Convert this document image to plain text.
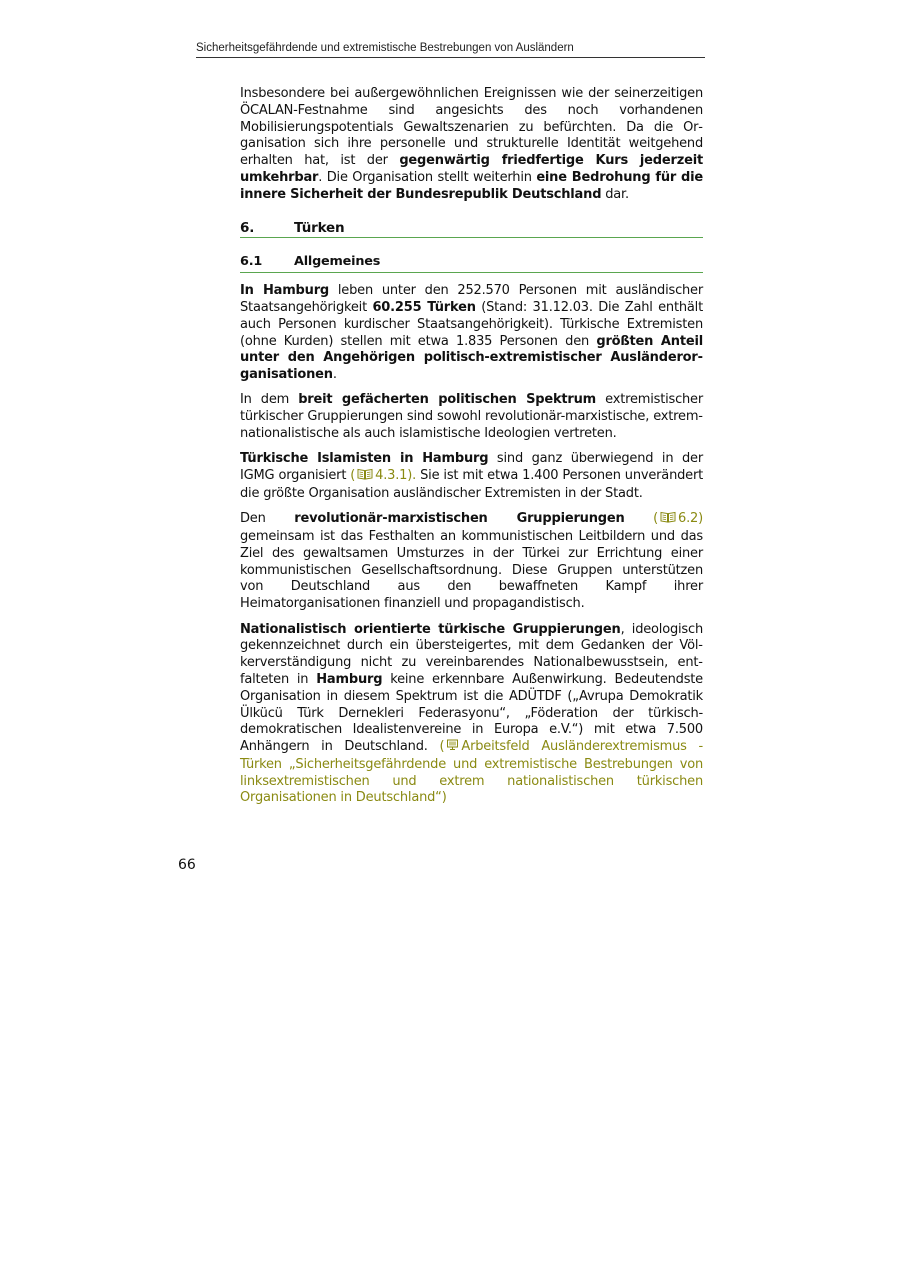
Sicherheitsgefährdende und extremistische Bestrebungen von Ausländern

Insbesondere bei außergewöhnlichen Ereignissen wie der seinerzeitigen ÖCALAN-Festnahme sind angesichts des noch vorhandenen Mobilisierungspotentials Gewaltszenarien zu befürchten. Da die Organisation sich ihre personelle und strukturelle Identität weitgehend erhalten hat, ist der gegenwärtig friedfertige Kurs jederzeit umkehrbar. Die Organisation stellt weiterhin eine Bedrohung für die innere Sicherheit der Bundesrepublik Deutschland dar.

6.	Türken
6.1 Allgemeines

In Hamburg leben unter den 252.570 Personen mit ausländischer Staatsangehörigkeit 60.255 Türken (Stand: 31.12.03. Die Zahl enthält auch Personen kurdischer Staatsangehörigkeit). Türkische Extremisten (ohne Kurden) stellen mit etwa 1.835 Personen den größten Anteil unter den Angehörigen politisch-extremistischer Ausländerorganisationen.

In dem breit gefächerten politischen Spektrum extremistischer türkischer Gruppierungen sind sowohl revolutionär-marxistische, extremnationalistische als auch islamistische Ideologien vertreten.

Türkische Islamisten in Hamburg sind ganz überwiegend in der IGMG organisiert ( 4.3.1). Sie ist mit etwa 1.400 Personen unverändert die größte Organisation ausländischer Extremisten in der Stadt.

Den revolutionär-marxistischen Gruppierungen ( 6.2) gemeinsam ist das Festhalten an kommunistischen Leitbildern und das Ziel des gewaltsamen Umsturzes in der Türkei zur Errichtung einer kommunistischen Gesellschaftsordnung. Diese Gruppen unterstützen von Deutschland aus den bewaffneten Kampf ihrer Heimatorganisationen finanziell und propagandistisch.

Nationalistisch orientierte türkische Gruppierungen, ideologisch gekennzeichnet durch ein übersteigertes, mit dem Gedanken der Völkerverständigung nicht zu vereinbarendes Nationalbewusstsein, entfalteten in Hamburg keine erkennbare Außenwirkung. Bedeutendste Organisation in diesem Spektrum ist die ADÜTDF („Avrupa Demokratik Ülkücü Türk Dernekleri Federasyonu“, „Föderation der türkisch-demokratischen Idealistenvereine in Europa e.V.“) mit etwa 7.500 Anhängern in Deutschland. ( Arbeitsfeld Ausländerextremismus - Türken „Sicherheitsgefährdende und extremistische Bestrebungen von linksextremistischen und extrem nationalistischen türkischen Organisationen in Deutschland“)

66
